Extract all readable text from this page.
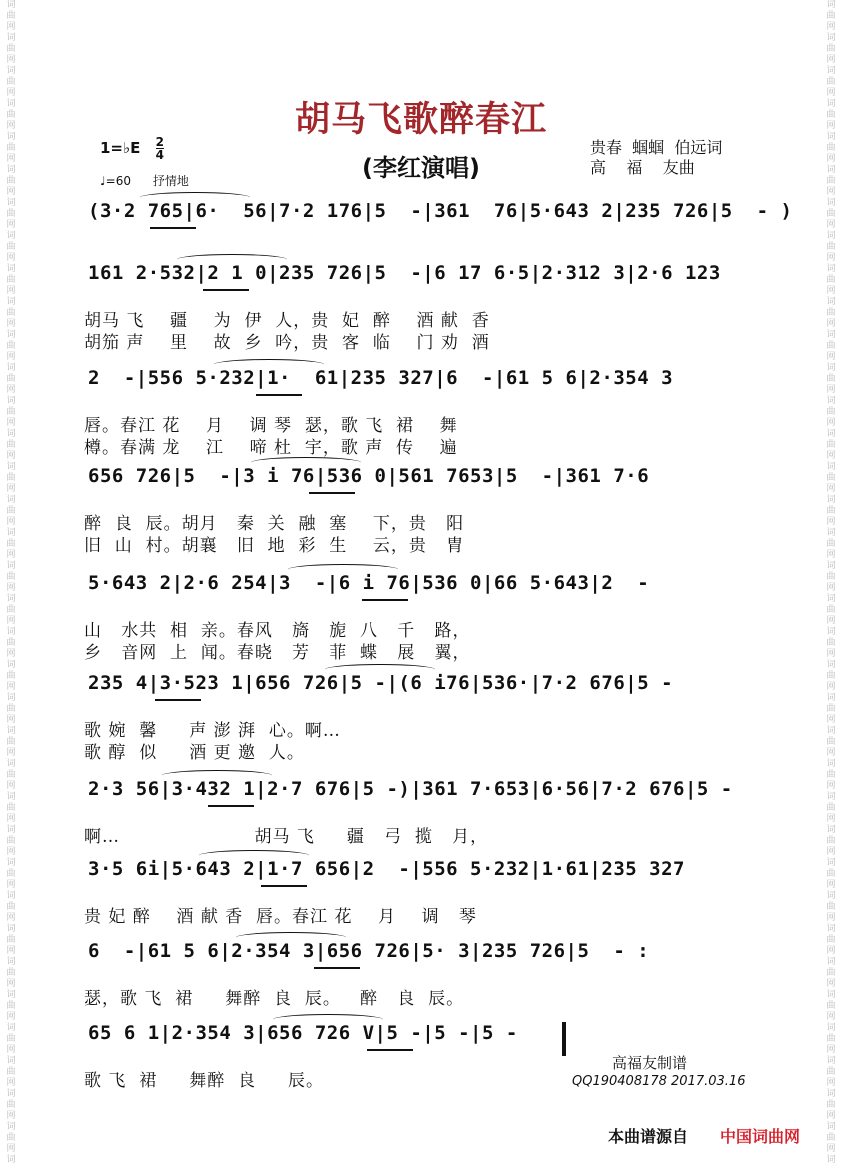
词
曲
网
词
曲
网
词
曲
网
词
曲
网
词
曲
网
词
曲
网
词
曲
网
词
曲
网
词
曲
网
词
曲
网
词
曲
网
词
曲
网
词
曲
网
词
曲
网
词
曲
网
词
曲
网
词
曲
网
词
曲
网
词
曲
网
词
曲
网
词
曲
网
词
曲
网
词
曲
网
词
曲
网
词
曲
网
词
曲
网
词
曲
网
词
曲
网
词
曲
网
词
曲
网
词
曲
网
词
曲
网
词
曲
网
词
曲
网
词
曲
网
词
词
曲
网
词
曲
网
词
曲
网
词
曲
网
词
曲
网
词
曲
网
词
曲
网
词
曲
网
词
曲
网
词
曲
网
词
曲
网
词
曲
网
词
曲
网
词
曲
网
词
曲
网
词
曲
网
词
曲
网
词
曲
网
词
曲
网
词
曲
网
词
曲
网
词
曲
网
词
曲
网
词
曲
网
词
曲
网
词
曲
网
词
曲
网
词
曲
网
词
曲
网
词
曲
网
词
曲
网
词
曲
网
词
曲
网
词
曲
网
词
曲
网
词
胡马飞歌醉春江
(李红演唱)
1=♭E $\frac{2}{4}$
♩=60 抒情地
贵春  蝈蝈  伯远词
高    福    友曲
(3·2 765|6·  56|7·2 176|5  -|361  76|5·643 2|235 726|5  - )
161 2·532|2 1 0|235 726|5  -|6 17 6·5|2·312 3|2·6 123
胡马 飞    疆    为  伊  人，贵  妃  醉    酒 献  香
胡笳 声    里    故  乡  吟，贵  客  临    门 劝  酒
2  -|556 5·232|1·  61|235 327|6  -|61 5 6|2·354 3
唇。春江 花    月    调 琴  瑟，歌 飞  裙    舞
樽。春满 龙    江    啼 杜  宇，歌 声  传    遍
656 726|5  -|3 i 76|536 0|561 7653|5  -|361 7·6
醉  良  辰。胡月   秦  关  融  塞    下，贵   阳
旧  山  村。胡襄   旧  地  彩  生    云，贵   胄
5·643 2|2·6 254|3  -|6 i 76|536 0|66 5·643|2  -
山   水共  相  亲。春风   旖   旎  八   千   路，
乡   音网  上  闻。春晓   芳   菲  蝶   展   翼，
235 4|3·523 1|656 726|5 -|(6 i76|536·|7·2 676|5 -
歌 婉  馨     声 澎 湃  心。啊…
歌 醇  似     酒 更 邀  人。
2·3 56|3·432 1|2·7 676|5 -)|361 7·653|6·56|7·2 676|5 -
啊…                     胡马 飞     疆   弓  揽   月，
3·5 6i|5·643 2|1·7 656|2  -|556 5·232|1·61|235 327
贵 妃 醉    酒 献 香  唇。春江 花    月    调   琴
6  -|61 5 6|2·354 3|656 726|5· 3|235 726|5  - :
瑟，歌 飞  裙     舞醉  良  辰。   醉   良  辰。
65 6 1|2·354 3|656 726 V|5 -|5 -|5 -
歌 飞  裙     舞醉  良     辰。
高福友制谱
QQ190408178 2017.03.16
本曲谱源自 中国词曲网
